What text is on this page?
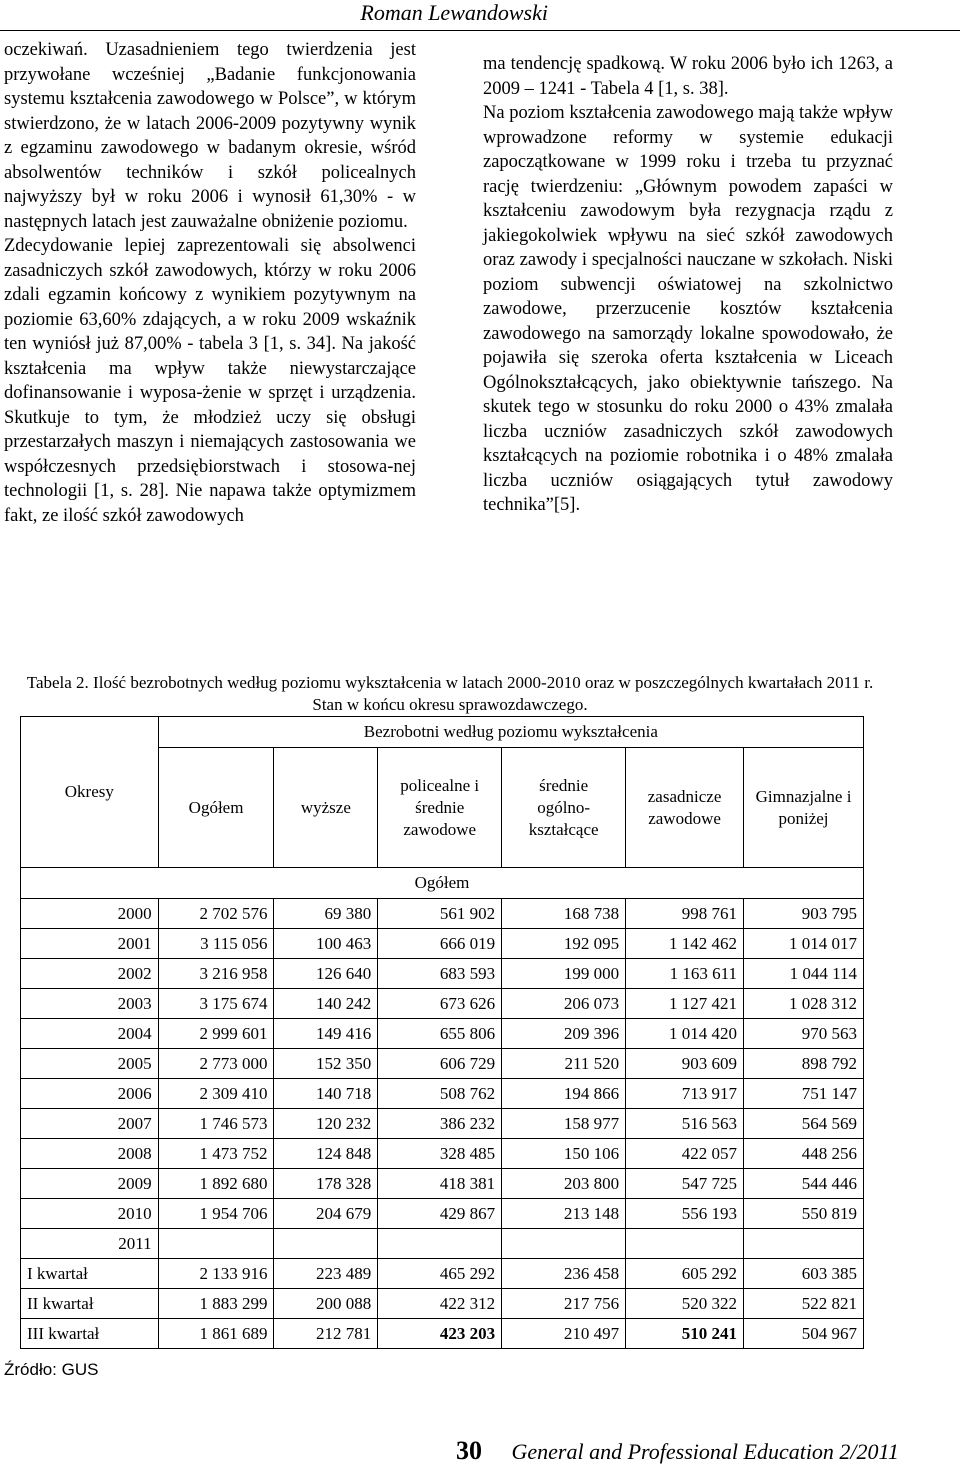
Roman Lewandowski

oczekiwań. Uzasadnieniem tego twierdzenia jest przywołane wcześniej „Badanie funkcjonowania systemu kształcenia zawodowego w Polsce”, w którym stwierdzono, że w latach 2006-2009 pozytywny wynik z egzaminu zawodowego w badanym okresie, wśród absolwentów techników i szkół policealnych najwyższy był w roku 2006 i wynosił 61,30% - w następnych latach jest zauważalne obniżenie poziomu.

Zdecydowanie lepiej zaprezentowali się absolwenci zasadniczych szkół zawodowych, którzy w roku 2006 zdali egzamin końcowy z wynikiem pozytywnym na poziomie 63,60% zdających, a w roku 2009 wskaźnik ten wyniósł już 87,00% - tabela 3 [1, s. 34]. Na jakość kształcenia ma wpływ także niewystarczające dofinansowanie i wyposa-żenie w sprzęt i urządzenia. Skutkuje to tym, że młodzież uczy się obsługi przestarzałych maszyn i niemających zastosowania we współczesnych przedsiębiorstwach i stosowa-nej technologii [1, s. 28]. Nie napawa także optymizmem fakt, ze ilość szkół zawodowych

ma tendencję spadkową. W roku 2006 było ich 1263, a 2009 – 1241 - Tabela 4 [1, s. 38].

Na poziom kształcenia zawodowego mają także wpływ wprowadzone reformy w systemie edukacji zapoczątkowane w 1999 roku i trzeba tu przyznać rację twierdzeniu: „Głównym powodem zapaści w kształceniu zawodowym była rezygnacja rządu z jakiegokolwiek wpływu na sieć szkół zawodowych oraz zawody i specjalności nauczane w szkołach. Niski poziom subwencji oświatowej na szkolnictwo zawodowe, przerzucenie kosztów kształcenia zawodowego na samorządy lokalne spowodowało, że pojawiła się szeroka oferta kształcenia w Liceach Ogólnokształcących, jako obiektywnie tańszego. Na skutek tego w stosunku do roku 2000 o 43% zmalała liczba uczniów zasadniczych szkół zawodowych kształcących na poziomie robotnika i o 48% zmalała liczba uczniów osiągających tytuł zawodowy technika”[5].

Tabela 2. Ilość bezrobotnych według poziomu wykształcenia w latach 2000-2010 oraz w poszczególnych kwartałach 2011 r. Stan w końcu okresu sprawozdawczego.
Okresy	Bezrobotni według poziomu wykształcenia					
	Ogółem	wyższe	policealne i średnie zawodowe	średnie ogólno-kształcące	zasadnicze zawodowe	Gimnazjalne i poniżej
Ogółem						
2000	2 702 576	69 380	561 902	168 738	998 761	903 795
2001	3 115 056	100 463	666 019	192 095	1 142 462	1 014 017
2002	3 216 958	126 640	683 593	199 000	1 163 611	1 044 114
2003	3 175 674	140 242	673 626	206 073	1 127 421	1 028 312
2004	2 999 601	149 416	655 806	209 396	1 014 420	970 563
2005	2 773 000	152 350	606 729	211 520	903 609	898 792
2006	2 309 410	140 718	508 762	194 866	713 917	751 147
2007	1 746 573	120 232	386 232	158 977	516 563	564 569
2008	1 473 752	124 848	328 485	150 106	422 057	448 256
2009	1 892 680	178 328	418 381	203 800	547 725	544 446
2010	1 954 706	204 679	429 867	213 148	556 193	550 819
2011						
I kwartał	2 133 916	223 489	465 292	236 458	605 292	603 385
II kwartał	1 883 299	200 088	422 312	217 756	520 322	522 821
III kwartał	1 861 689	212 781	423 203	210 497	510 241	504 967
Źródło: GUS
30 General and Professional Education 2/2011
